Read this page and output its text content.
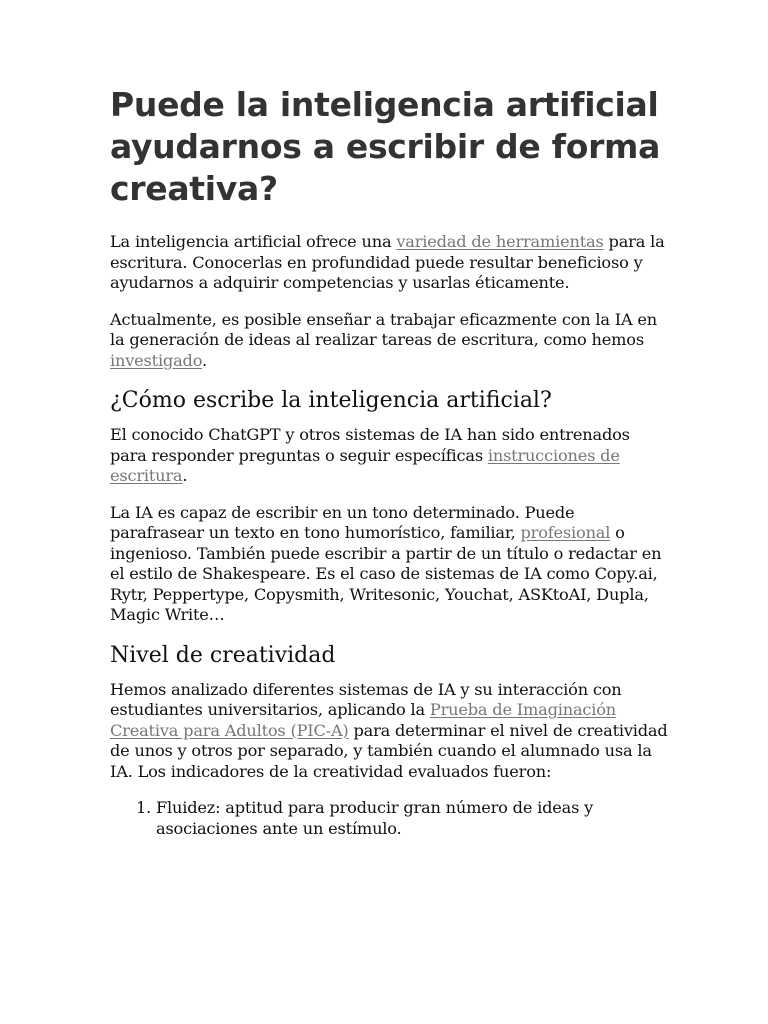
Puede la inteligencia artificial ayudarnos a escribir de forma creativa?

La inteligencia artificial ofrece una variedad de herramientas para la escritura. Conocerlas en profundidad puede resultar beneficioso y ayudarnos a adquirir competencias y usarlas éticamente.

Actualmente, es posible enseñar a trabajar eficazmente con la IA en la generación de ideas al realizar tareas de escritura, como hemos investigado.

¿Cómo escribe la inteligencia artificial?

El conocido ChatGPT y otros sistemas de IA han sido entrenados para responder preguntas o seguir específicas instrucciones de escritura.

La IA es capaz de escribir en un tono determinado. Puede parafrasear un texto en tono humorístico, familiar, profesional o ingenioso. También puede escribir a partir de un título o redactar en el estilo de Shakespeare. Es el caso de sistemas de IA como Copy.ai, Rytr, Peppertype, Copysmith, Writesonic, Youchat, ASKtoAI, Dupla, Magic Write…

Nivel de creatividad

Hemos analizado diferentes sistemas de IA y su interacción con estudiantes universitarios, aplicando la Prueba de Imaginación Creativa para Adultos (PIC-A) para determinar el nivel de creatividad de unos y otros por separado, y también cuando el alumnado usa la IA. Los indicadores de la creatividad evaluados fueron:

1. Fluidez: aptitud para producir gran número de ideas y asociaciones ante un estímulo.
